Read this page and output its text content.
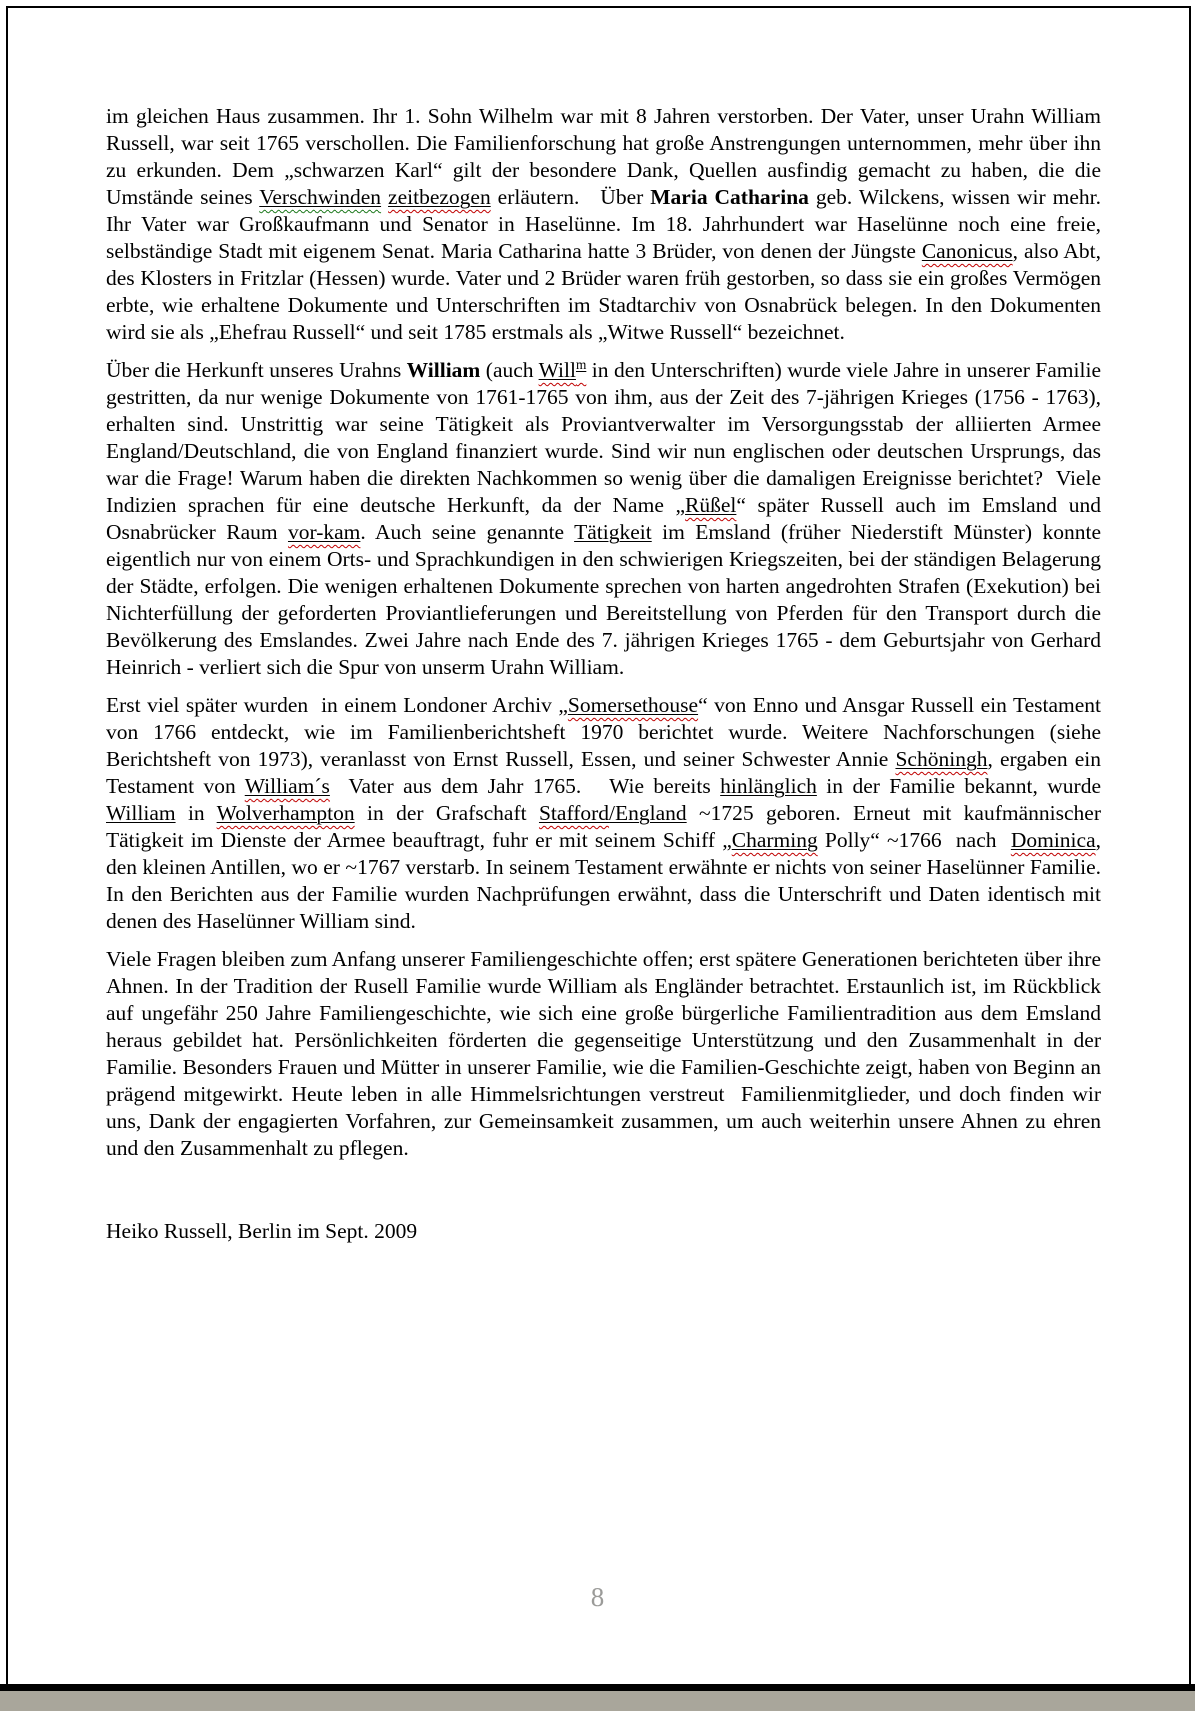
im gleichen Haus zusammen. Ihr 1. Sohn Wilhelm war mit 8 Jahren verstorben. Der Vater, unser Urahn William Russell, war seit 1765 verschollen. Die Familienforschung hat große Anstrengungen unternommen, mehr über ihn zu erkunden. Dem „schwarzen Karl“ gilt der besondere Dank, Quellen ausfindig gemacht zu haben, die die Umstände seines Verschwinden zeitbezogen erläutern.   Über Maria Catharina geb. Wilckens, wissen wir mehr. Ihr Vater war Großkaufmann und Senator in Haselünne. Im 18. Jahrhundert war Haselünne noch eine freie, selbständige Stadt mit eigenem Senat. Maria Catharina hatte 3 Brüder, von denen der Jüngste Canonicus, also Abt, des Klosters in Fritzlar (Hessen) wurde. Vater und 2 Brüder waren früh gestorben, so dass sie ein großes Vermögen erbte, wie erhaltene Dokumente und Unterschriften im Stadtarchiv von Osnabrück belegen. In den Dokumenten wird sie als „Ehefrau Russell“ und seit 1785 erstmals als „Witwe Russell“ bezeichnet.

Über die Herkunft unseres Urahns William (auch Will$^m$ in den Unterschriften) wurde viele Jahre in unserer Familie gestritten, da nur wenige Dokumente von 1761-1765 von ihm, aus der Zeit des 7-jährigen Krieges (1756 - 1763), erhalten sind. Unstrittig war seine Tätigkeit als Proviantverwalter im Versorgungsstab der alliierten Armee England/Deutschland, die von England finanziert wurde. Sind wir nun englischen oder deutschen Ursprungs, das war die Frage! Warum haben die direkten Nachkommen so wenig über die damaligen Ereignisse berichtet?  Viele Indizien sprachen für eine deutsche Herkunft, da der Name „Rüßel“ später Russell auch im Emsland und Osnabrücker Raum vor-kam. Auch seine genannte Tätigkeit im Emsland (früher Niederstift Münster) konnte eigentlich nur von einem Orts- und Sprachkundigen in den schwierigen Kriegszeiten, bei der ständigen Belagerung der Städte, erfolgen. Die wenigen erhaltenen Dokumente sprechen von harten angedrohten Strafen (Exekution) bei Nichterfüllung der geforderten Proviantlieferungen und Bereitstellung von Pferden für den Transport durch die Bevölkerung des Emslandes. Zwei Jahre nach Ende des 7. jährigen Krieges 1765 - dem Geburtsjahr von Gerhard Heinrich - verliert sich die Spur von unserm Urahn William.

Erst viel später wurden  in einem Londoner Archiv „Somersethouse“ von Enno und Ansgar Russell ein Testament von 1766 entdeckt, wie im Familienberichtsheft 1970 berichtet wurde. Weitere Nachforschungen (siehe Berichtsheft von 1973), veranlasst von Ernst Russell, Essen, und seiner Schwester Annie Schöningh, ergaben ein Testament von William´s  Vater aus dem Jahr 1765.   Wie bereits hinlänglich in der Familie bekannt, wurde William in Wolverhampton in der Grafschaft Stafford/England ~1725 geboren. Erneut mit kaufmännischer Tätigkeit im Dienste der Armee beauftragt, fuhr er mit seinem Schiff „Charming Polly“ ~1766  nach  Dominica, den kleinen Antillen, wo er ~1767 verstarb. In seinem Testament erwähnte er nichts von seiner Haselünner Familie. In den Berichten aus der Familie wurden Nachprüfungen erwähnt, dass die Unterschrift und Daten identisch mit denen des Haselünner William sind.

Viele Fragen bleiben zum Anfang unserer Familiengeschichte offen; erst spätere Generationen berichteten über ihre Ahnen. In der Tradition der Rusell Familie wurde William als Engländer betrachtet. Erstaunlich ist, im Rückblick auf ungefähr 250 Jahre Familiengeschichte, wie sich eine große bürgerliche Familientradition aus dem Emsland heraus gebildet hat. Persönlichkeiten förderten die gegenseitige Unterstützung und den Zusammenhalt in der Familie. Besonders Frauen und Mütter in unserer Familie, wie die Familien-Geschichte zeigt, haben von Beginn an prägend mitgewirkt. Heute leben in alle Himmelsrichtungen verstreut  Familienmitglieder, und doch finden wir uns, Dank der engagierten Vorfahren, zur Gemeinsamkeit zusammen, um auch weiterhin unsere Ahnen zu ehren und den Zusammenhalt zu pflegen.

Heiko Russell, Berlin im Sept. 2009

8
